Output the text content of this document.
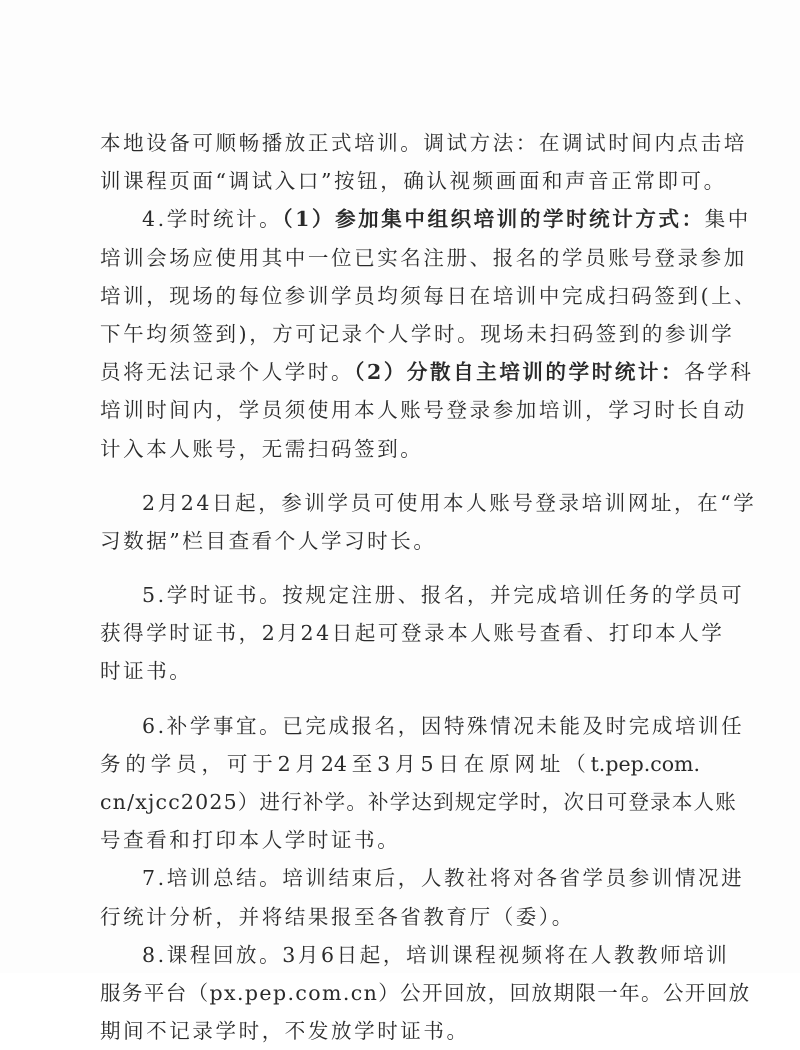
本地设备可顺畅播放正式培训。调试方法：在调试时间内点击培
训课程页面“调试入口”按钮，确认视频画面和声音正常即可。
4.学时统计。（1）参加集中组织培训的学时统计方式：集中
培训会场应使用其中一位已实名注册、报名的学员账号登录参加
培训，现场的每位参训学员均须每日在培训中完成扫码签到(上、
下午均须签到)，方可记录个人学时。现场未扫码签到的参训学
员将无法记录个人学时。（2）分散自主培训的学时统计：各学科
培训时间内，学员须使用本人账号登录参加培训，学习时长自动
计入本人账号，无需扫码签到。
2月24日起，参训学员可使用本人账号登录培训网址，在“学
习数据”栏目查看个人学习时长。
5.学时证书。按规定注册、报名，并完成培训任务的学员可
获得学时证书，2月24日起可登录本人账号查看、打印本人学
时证书。
6.补学事宜。已完成报名，因特殊情况未能及时完成培训任
务的学员，可于2月24至3月5日在原网址（t.pep.com.
cn/xjcc2025）进行补学。补学达到规定学时，次日可登录本人账
号查看和打印本人学时证书。
7.培训总结。培训结束后，人教社将对各省学员参训情况进
行统计分析，并将结果报至各省教育厅（委）。
8.课程回放。3月6日起，培训课程视频将在人教教师培训
服务平台（px.pep.com.cn）公开回放，回放期限一年。公开回放
期间不记录学时，不发放学时证书。
